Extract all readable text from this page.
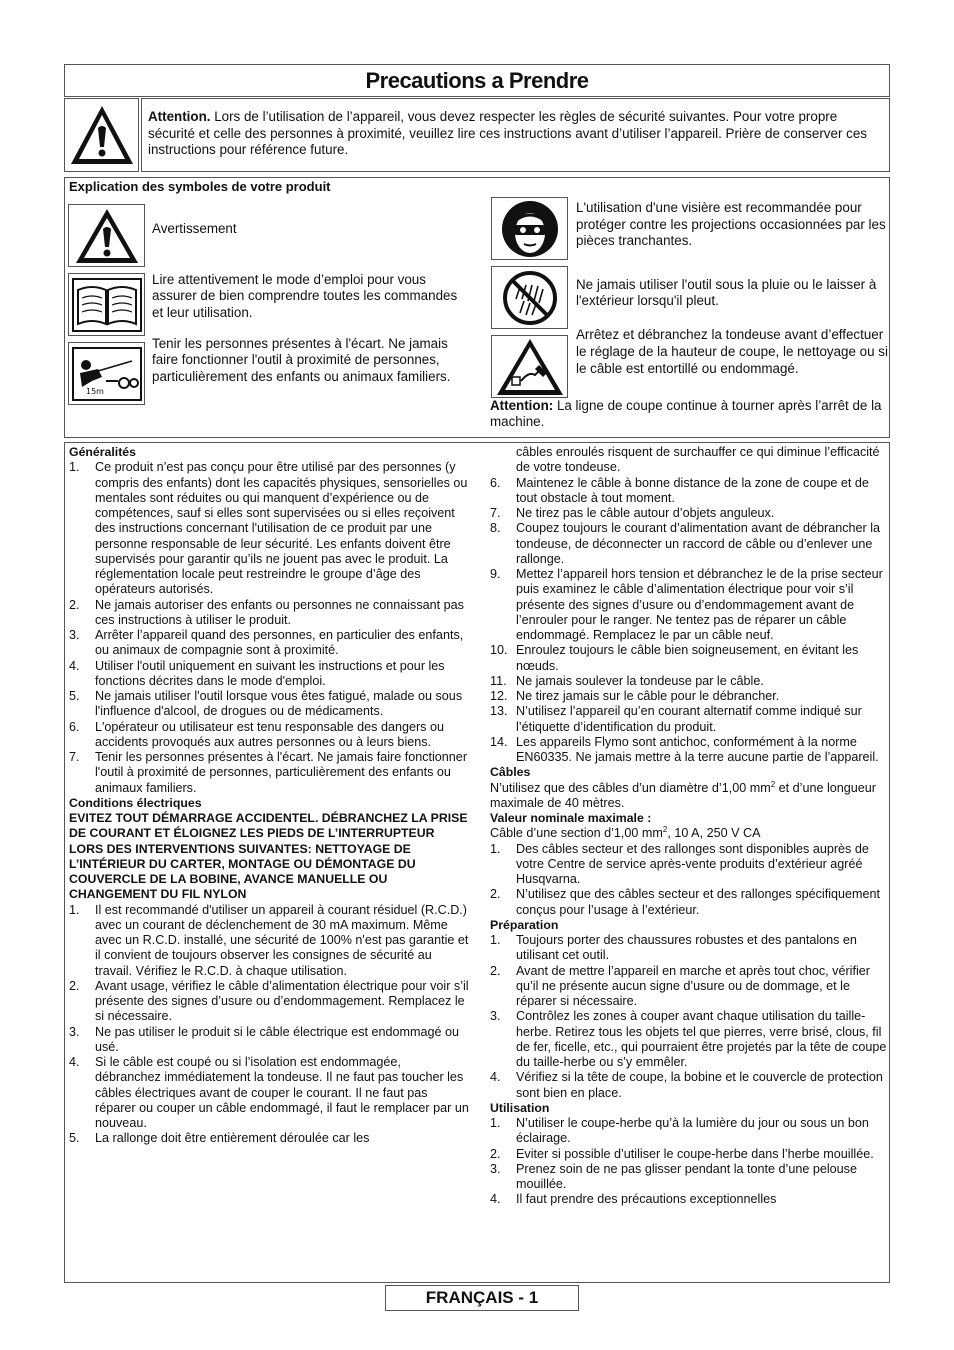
Precautions a Prendre
Attention. Lors de l’utilisation de l’appareil, vous devez respecter les règles de sécurité suivantes. Pour votre propre sécurité et celle des personnes à proximité, veuillez lire ces instructions avant d’utiliser l’appareil. Prière de conserver ces instructions pour référence future.
Explication des symboles de votre produit
Avertissement
Lire attentivement le mode d’emploi pour vous assurer de bien comprendre toutes les commandes et leur utilisation.
15m
Tenir les personnes présentes à l'écart. Ne jamais faire fonctionner l'outil à proximité de personnes, particulièrement des enfants ou animaux familiers.
L'utilisation d'une visière est recommandée pour protéger contre les projections occasionnées par les pièces tranchantes.
Ne jamais utiliser l'outil sous la pluie ou le laisser à l'extérieur lorsqu'il pleut.
Arrêtez et débranchez la tondeuse avant d’effectuer le réglage de la hauteur de coupe, le nettoyage ou si le câble est entortillé ou endommagé.
Attention: La ligne de coupe continue à tourner après l’arrêt de la machine.
Généralités
1. Ce produit n’est pas conçu pour être utilisé par des personnes (y compris des enfants) dont les capacités physiques, sensorielles ou mentales sont réduites ou qui manquent d’expérience ou de compétences, sauf si elles sont supervisées ou si elles reçoivent des instructions concernant l'utilisation de ce produit par une personne responsable de leur sécurité. Les enfants doivent être supervisés pour garantir qu’ils ne jouent pas avec le produit. La réglementation locale peut restreindre le groupe d’âge des opérateurs autorisés.
2. Ne jamais autoriser des enfants ou personnes ne connaissant pas ces instructions à utiliser le produit.
3. Arrêter l’appareil quand des personnes, en particulier des enfants, ou animaux de compagnie sont à proximité.
4. Utiliser l'outil uniquement en suivant les instructions et pour les fonctions décrites dans le mode d'emploi.
5. Ne jamais utiliser l'outil lorsque vous êtes fatigué, malade ou sous l'influence d'alcool, de drogues ou de médicaments.
6. L'opérateur ou utilisateur est tenu responsable des dangers ou accidents provoqués aux autres personnes ou à leurs biens.
7. Tenir les personnes présentes à l'écart. Ne jamais faire fonctionner l'outil à proximité de personnes, particulièrement des enfants ou animaux familiers.
Conditions électriques
EVITEZ TOUT DÉMARRAGE ACCIDENTEL. DÉBRANCHEZ LA PRISE DE COURANT ET ÉLOIGNEZ LES PIEDS DE L’INTERRUPTEUR LORS DES INTERVENTIONS SUIVANTES: NETTOYAGE DE L’INTÉRIEUR DU CARTER, MONTAGE OU DÉMONTAGE DU COUVERCLE DE LA BOBINE, AVANCE MANUELLE OU CHANGEMENT DU FIL NYLON
1. Il est recommandé d'utiliser un appareil à courant résiduel (R.C.D.) avec un courant de déclenchement de 30 mA maximum. Même avec un R.C.D. installé, une sécurité de 100% n'est pas garantie et il convient de toujours observer les consignes de sécurité au travail. Vérifiez le R.C.D. à chaque utilisation.
2. Avant usage, vérifiez le câble d’alimentation électrique pour voir s’il présente des signes d’usure ou d’endommagement. Remplacez le si nécessaire.
3. Ne pas utiliser le produit si le câble électrique est endommagé ou usé.
4. Si le câble est coupé ou si l’isolation est endommagée, débranchez immédiatement la tondeuse. Il ne faut pas toucher les câbles électriques avant de couper le courant. Il ne faut pas réparer ou couper un câble endommagé, il faut le remplacer par un nouveau.
5. La rallonge doit être entièrement déroulée car les
câbles enroulés risquent de surchauffer ce qui diminue l’efficacité de votre tondeuse.
6. Maintenez le câble à bonne distance de la zone de coupe et de tout obstacle à tout moment.
7. Ne tirez pas le câble autour d’objets anguleux.
8. Coupez toujours le courant d’alimentation avant de débrancher la tondeuse, de déconnecter un raccord de câble ou d’enlever une rallonge.
9. Mettez l’appareil hors tension et débranchez le de la prise secteur puis examinez le câble d’alimentation électrique pour voir s’il présente des signes d’usure ou d’endommagement avant de l’enrouler pour le ranger. Ne tentez pas de réparer un câble endommagé. Remplacez le par un câble neuf.
10. Enroulez toujours le câble bien soigneusement, en évitant les nœuds.
11. Ne jamais soulever la tondeuse par le câble.
12. Ne tirez jamais sur le câble pour le débrancher.
13. N’utilisez l’appareil qu’en courant alternatif comme indiqué sur l’étiquette d’identification du produit.
14. Les appareils Flymo sont antichoc, conformément à la norme EN60335. Ne jamais mettre à la terre aucune partie de l’appareil.
Câbles

N’utilisez que des câbles d’un diamètre d’1,00 $mm^2$ et d’une longueur maximale de 40 mètres.

Valeur nominale maximale :

Câble d’une section d’1,00 $mm^2$, 10 A, 250 V CA

1. Des câbles secteur et des rallonges sont disponibles auprès de votre Centre de service après-vente produits d’extérieur agréé Husqvarna.
2. N’utilisez que des câbles secteur et des rallonges spécifiquement conçus pour l’usage à l’extérieur.
Préparation
1. Toujours porter des chaussures robustes et des pantalons en utilisant cet outil.
2. Avant de mettre l’appareil en marche et après tout choc, vérifier qu’il ne présente aucun signe d’usure ou de dommage, et le réparer si nécessaire.
3. Contrôlez les zones à couper avant chaque utilisation du taille-herbe. Retirez tous les objets tel que pierres, verre brisé, clous, fil de fer, ficelle, etc., qui pourraient être projetés par la tête de coupe du taille-herbe ou s’y emmêler.
4. Vérifiez si la tête de coupe, la bobine et le couvercle de protection sont bien en place.
Utilisation
1. N’utiliser le coupe-herbe qu’à la lumière du jour ou sous un bon éclairage.
2. Eviter si possible d’utiliser le coupe-herbe dans l’herbe mouillée.
3. Prenez soin de ne pas glisser pendant la tonte d’une pelouse mouillée.
4. Il faut prendre des précautions exceptionnelles
FRANÇAIS - 1
